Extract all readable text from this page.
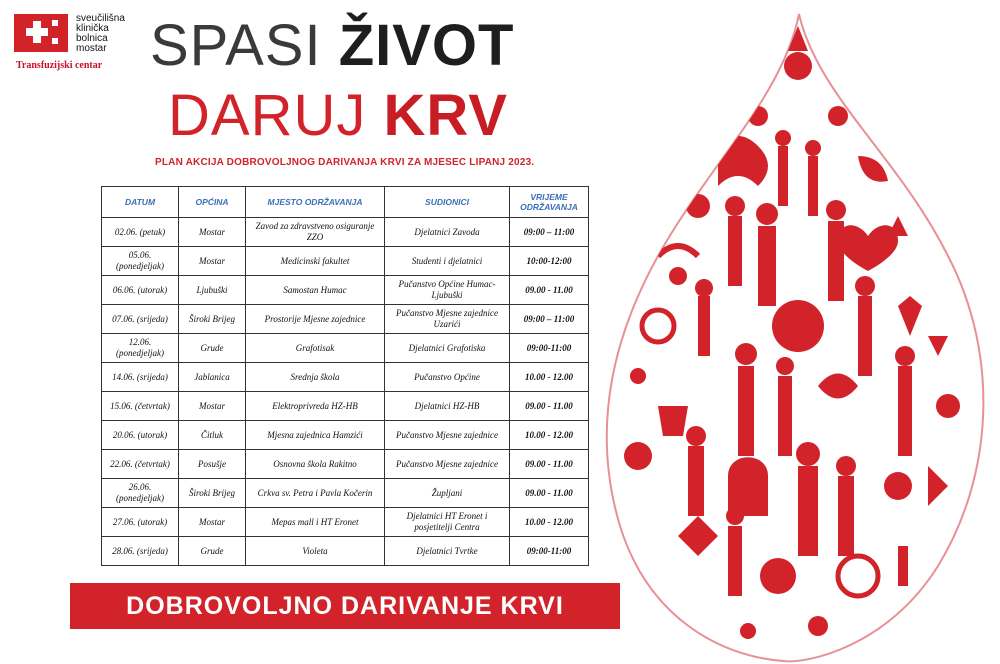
sveučilišna
klinička
bolnica
mostar
Transfuzijski centar SPASI ŽIVOT
DARUJ KRV
PLAN AKCIJA DOBROVOLJNOG DARIVANJA KRVI ZA MJESEC LIPANJ 2023.
DATUM	OPĆINA	MJESTO ODRŽAVANJA	SUDIONICI	VRIJEME ODRŽAVANJA
02.06. (petak)	Mostar	Zavod za zdravstveno osiguranje ZZO	Djelatnici Zavoda	09:00 – 11:00
05.06. (ponedjeljak)	Mostar	Medicinski fakultet	Studenti i djelatnici	10:00-12:00
06.06. (utorak)	Ljubuški	Samostan Humac	Pučanstvo Općine Humac-Ljubuški	09.00 - 11.00
07.06. (srijeda)	Široki Brijeg	Prostorije Mjesne zajednice	Pučanstvo Mjesne zajednice Uzarići	09:00 – 11:00
12.06. (ponedjeljak)	Grude	Grafotisak	Djelatnici Grafotiska	09:00-11:00
14.06. (srijeda)	Jablanica	Srednja škola	Pučanstvo Općine	10.00 - 12.00
15.06. (četvrtak)	Mostar	Elektroprivreda HZ-HB	Djelatnici HZ-HB	09.00 - 11.00
20.06. (utorak)	Čitluk	Mjesna zajednica Hamzići	Pučanstvo Mjesne zajednice	10.00 - 12.00
22.06. (četvrtak)	Posušje	Osnovna škola Rakitno	Pučanstvo Mjesne zajednice	09.00 - 11.00
26.06. (ponedjeljak)	Široki Brijeg	Crkva sv. Petra i Pavla Kočerin	Župljani	09.00 - 11.00
27.06. (utorak)	Mostar	Mepas mall i HT Eronet	Djelatnici HT Eronet i posjetitelji Centra	10.00 - 12.00
28.06. (srijeda)	Grude	Violeta	Djelatnici Tvrtke	09:00-11:00
DOBROVOLJNO DARIVANJE KRVI
